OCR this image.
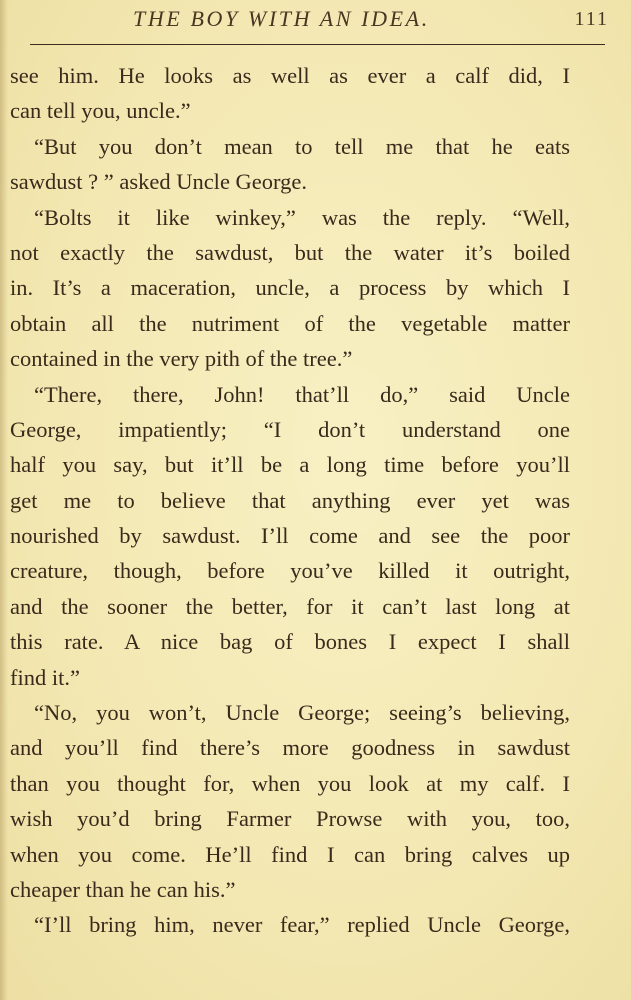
THE BOY WITH AN IDEA.	111
see him. He looks as well as ever a calf did, I
can tell you, uncle.”
“But you don’t mean to tell me that he eats
sawdust ? ” asked Uncle George.
“Bolts it like winkey,” was the reply. “Well,
not exactly the sawdust, but the water it’s boiled
in. It’s a maceration, uncle, a process by which I
obtain all the nutriment of the vegetable matter
contained in the very pith of the tree.”
“There, there, John! that’ll do,” said Uncle
George, impatiently; “I don’t understand one
half you say, but it’ll be a long time before you’ll
get me to believe that anything ever yet was
nourished by sawdust. I’ll come and see the poor
creature, though, before you’ve killed it outright,
and the sooner the better, for it can’t last long at
this rate. A nice bag of bones I expect I shall
find it.”
“No, you won’t, Uncle George; seeing’s believing,
and you’ll find there’s more goodness in sawdust
than you thought for, when you look at my calf. I
wish you’d bring Farmer Prowse with you, too,
when you come. He’ll find I can bring calves up
cheaper than he can his.”
“I’ll bring him, never fear,” replied Uncle George,
